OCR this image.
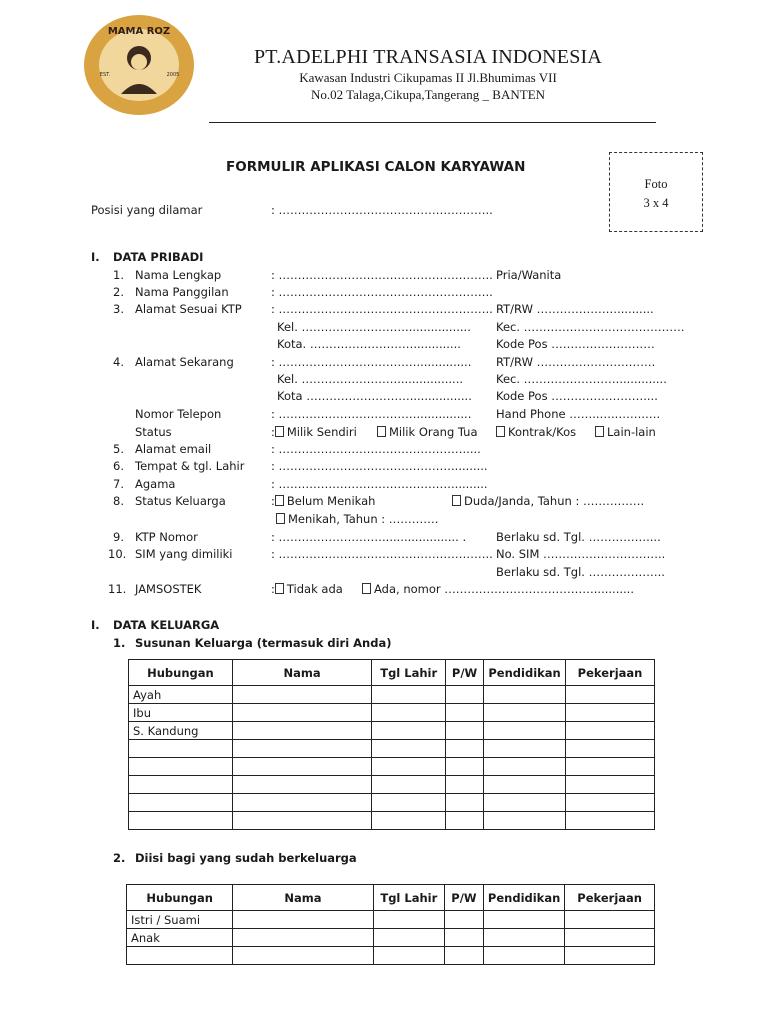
MAMA ROZ
EST.	2005
PT.ADELPHI TRANSASIA INDONESIA
Kawasan Industri Cikupamas II Jl.Bhumimas VII
No.02 Talaga,Cikupa,Tangerang _ BANTEN
FORMULIR APLIKASI CALON KARYAWAN
Foto
3 x 4
Posisi yang dilamar	: ………………………………………………..
I. DATA PRIBADI
1. Nama Lengkap	: ……………………………………………….. Pria/Wanita
2. Nama Panggilan	: ………………………………………………..
3. Alamat Sesuai KTP	: ……………………………………………….. RT/RW …………………..........
Kel. ……………………….................. Kec. ……………………………………
Kota. ……………………….............	Kode Pos ………………………
4. Alamat Sekarang	: ………………………………............... RT/RW ………………………….
Kel. ……………………...................	Kec. ……………………..............
Kota ………………………................. Kode Pos ……………………....
Nomor Telepon	: ………………………………............... Hand Phone ……..…..…….….
Status	: Milik Sendiri	Milik Orang Tua	Kontrak/Kos	Lain-lain
5. Alamat email	: ………………………………………….....
6. Tempat & tgl. Lahir : ………………………………………..........
7. Agama	: ………………………………………..........
8. Status Keluarga	: Belum Menikah	Duda/Janda, Tahun : …………….
Menikah, Tahun : ………….
9. KTP Nomor	: ………………………..................... .	Berlaku sd. Tgl. ……………....
10. SIM yang dimiliki	: ……………………………………………….. No. SIM …………………………..
Berlaku sd. Tgl. ………………..
11. JAMSOSTEK	: Tidak ada	Ada, nomor …………………………………...........
I. DATA KELUARGA
1. Susunan Keluarga (termasuk diri Anda)
Hubungan	Nama	Tgl Lahir	P/W	Pendidikan	Pekerjaan
Ayah					
Ibu					
S. Kandung					

2. Diisi bagi yang sudah berkeluarga
Hubungan	Nama	Tgl Lahir	P/W	Pendidikan	Pekerjaan
Istri / Suami					
Anak					
